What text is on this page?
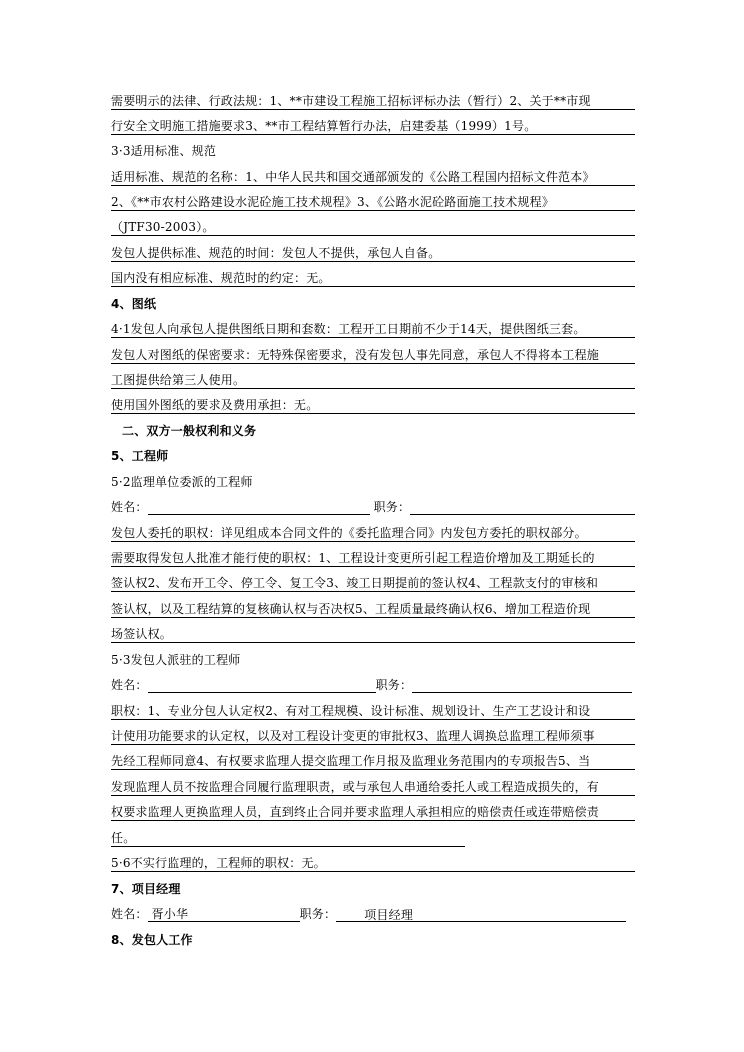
需要明示的法律、行政法规：1、**市建设工程施工招标评标办法（暂行）2、关于**市现
行安全文明施工措施要求3、**市工程结算暂行办法，启建委基（1999）1号。
3·3适用标准、规范
适用标准、规范的名称：1、中华人民共和国交通部颁发的《公路工程国内招标文件范本》
2、《**市农村公路建设水泥砼施工技术规程》3、《公路水泥砼路面施工技术规程》
（JTF30-2003）。
发包人提供标准、规范的时间：发包人不提供，承包人自备。
国内没有相应标准、规范时的约定：无。
4、图纸
4·1发包人向承包人提供图纸日期和套数：工程开工日期前不少于14天，提供图纸三套。
发包人对图纸的保密要求：无特殊保密要求，没有发包人事先同意，承包人不得将本工程施
工图提供给第三人使用。
使用国外图纸的要求及费用承担：无。
二、双方一般权利和义务
5、工程师
5·2监理单位委派的工程师
姓名：	职务：
发包人委托的职权：详见组成本合同文件的《委托监理合同》内发包方委托的职权部分。
需要取得发包人批准才能行使的职权：1、工程设计变更所引起工程造价增加及工期延长的
签认权2、发布开工令、停工令、复工令3、竣工日期提前的签认权4、工程款支付的审核和
签认权，以及工程结算的复核确认权与否决权5、工程质量最终确认权6、增加工程造价现
场签认权。
5·3发包人派驻的工程师
姓名：	职务：
职权：1、专业分包人认定权2、有对工程规模、设计标准、规划设计、生产工艺设计和设
计使用功能要求的认定权，以及对工程设计变更的审批权3、监理人调换总监理工程师须事
先经工程师同意4、有权要求监理人提交监理工作月报及监理业务范围内的专项报告5、当
发现监理人员不按监理合同履行监理职责，或与承包人串通给委托人或工程造成损失的，有
权要求监理人更换监理人员，直到终止合同并要求监理人承担相应的赔偿责任或连带赔偿责
任。
5·6不实行监理的，工程师的职权：无。
7、项目经理
姓名： 胥小华	职务： 项目经理
8、发包人工作
